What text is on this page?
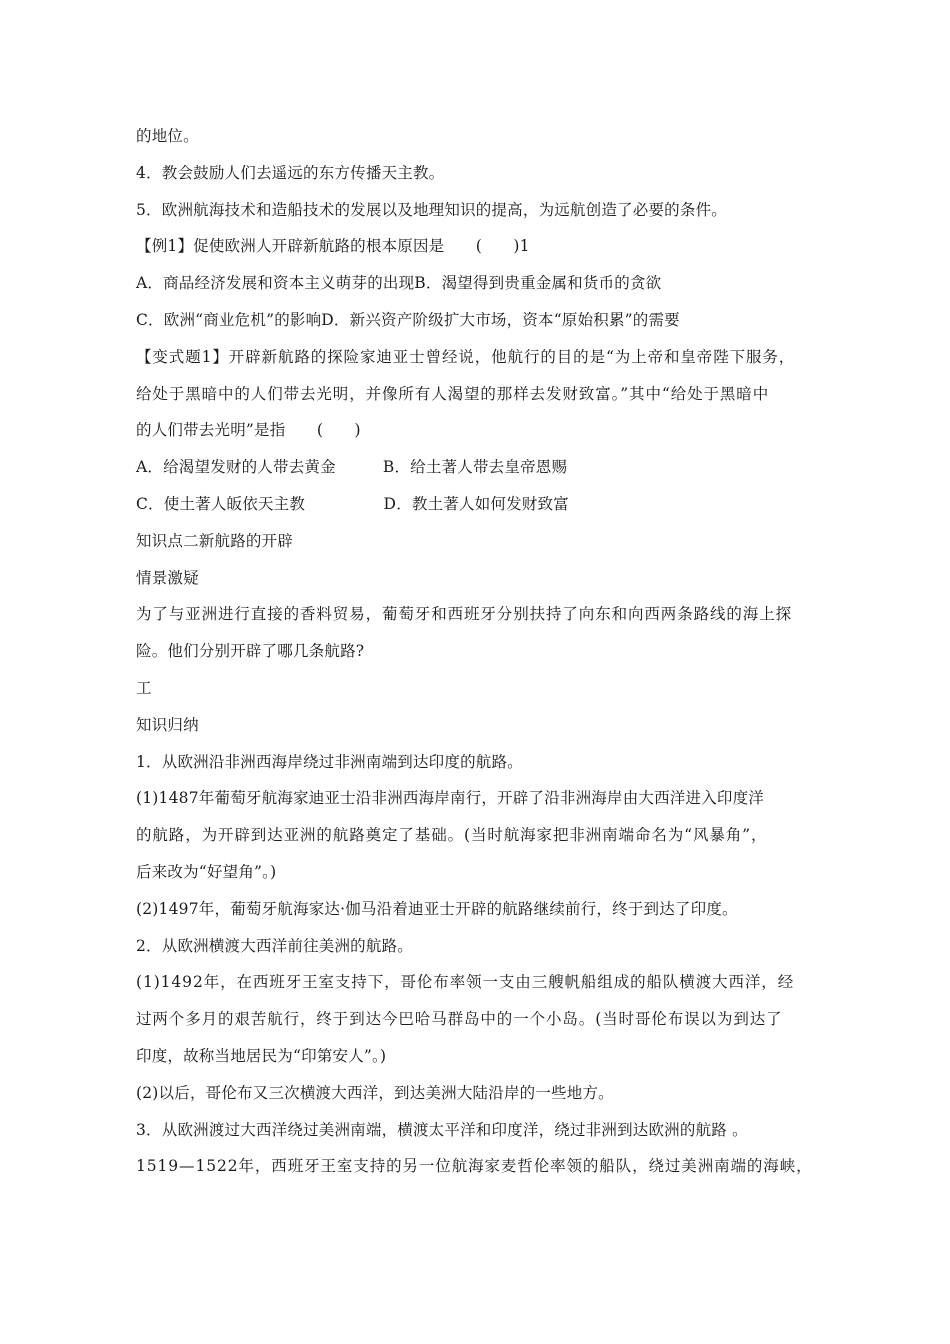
的地位。
4．教会鼓励人们去遥远的东方传播天主教。
5．欧洲航海技术和造船技术的发展以及地理知识的提高，为远航创造了必要的条件。
【例1】促使欧洲人开辟新航路的根本原因是　　(　　)1
A．商品经济发展和资本主义萌芽的出现B．渴望得到贵重金属和货币的贪欲
C．欧洲“商业危机”的影响D．新兴资产阶级扩大市场，资本“原始积累”的需要
【变式题1】开辟新航路的探险家迪亚士曾经说，他航行的目的是“为上帝和皇帝陛下服务，
给处于黑暗中的人们带去光明，并像所有人渴望的那样去发财致富。”其中“给处于黑暗中
的人们带去光明”是指　　(　　)
A．给渴望发财的人带去黄金　　　B．给土著人带去皇帝恩赐
C．使土著人皈依天主教　　　　　D．教土著人如何发财致富
知识点二新航路的开辟
情景激疑
为了与亚洲进行直接的香料贸易，葡萄牙和西班牙分别扶持了向东和向西两条路线的海上探
险。他们分别开辟了哪几条航路?
工
知识归纳
1．从欧洲沿非洲西海岸绕过非洲南端到达印度的航路。
(1)1487年葡萄牙航海家迪亚士沿非洲西海岸南行，开辟了沿非洲海岸由大西洋进入印度洋
的航路，为开辟到达亚洲的航路奠定了基础。(当时航海家把非洲南端命名为“风暴角”，
后来改为“好望角”。)
(2)1497年，葡萄牙航海家达·伽马沿着迪亚士开辟的航路继续前行，终于到达了印度。
2．从欧洲横渡大西洋前往美洲的航路。
(1)1492年，在西班牙王室支持下，哥伦布率领一支由三艘帆船组成的船队横渡大西洋，经
过两个多月的艰苦航行，终于到达今巴哈马群岛中的一个小岛。(当时哥伦布误以为到达了
印度，故称当地居民为“印第安人”。)
(2)以后，哥伦布又三次横渡大西洋，到达美洲大陆沿岸的一些地方。
3．从欧洲渡过大西洋绕过美洲南端，横渡太平洋和印度洋，绕过非洲到达欧洲的航路 。
1519—1522年，西班牙王室支持的另一位航海家麦哲伦率领的船队，绕过美洲南端的海峡，
